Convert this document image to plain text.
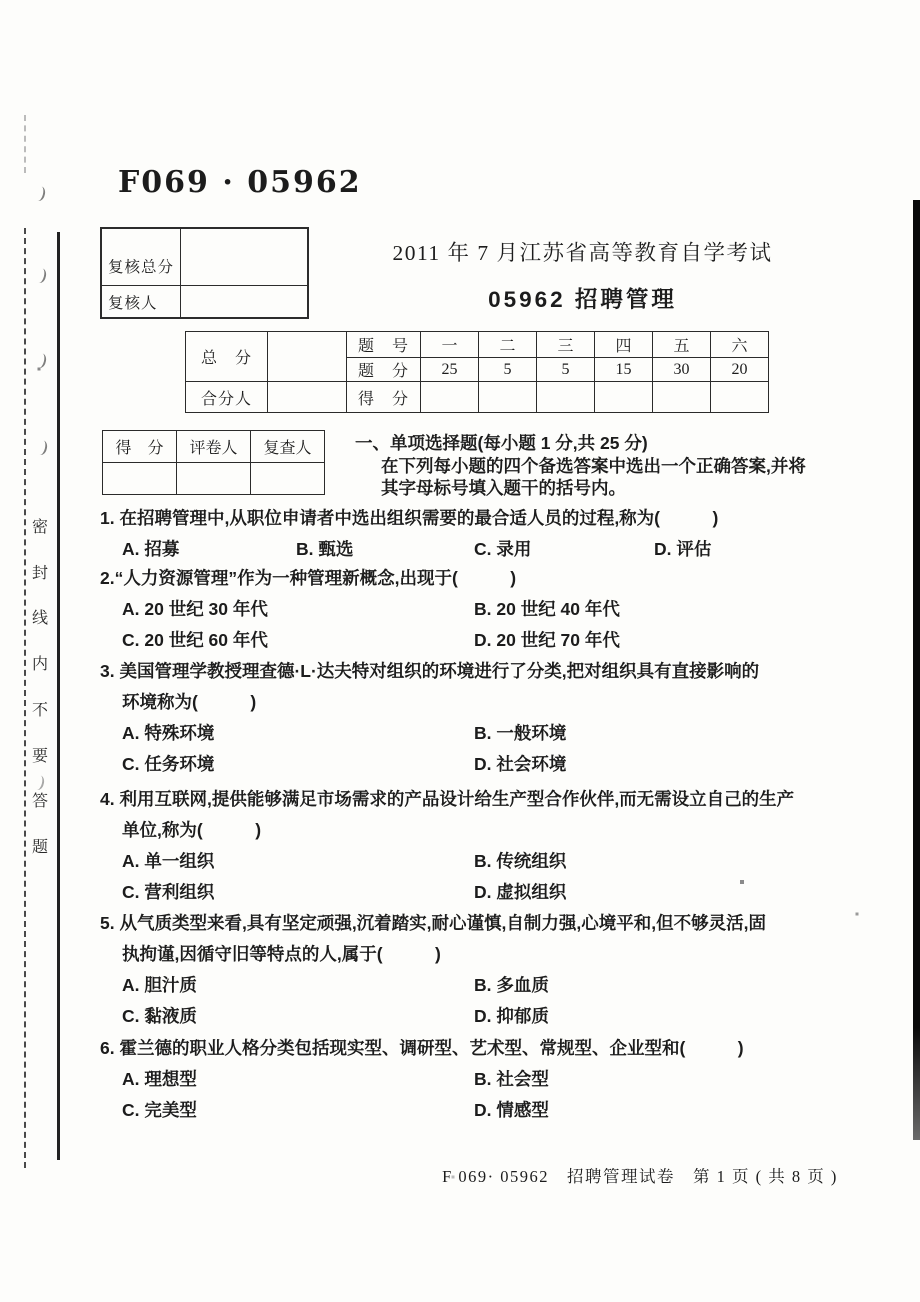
密
封
线
内
不
要
答
题
F069 · 05962
复核总分
复核人
2011 年 7 月江苏省高等教育自学考试
05962 招聘管理
总　分		题　号	一	二	三	四	五	六
		题　分	25	5	5	15	30	20
合分人		得　分						
得　分	评卷人	复查人
		一、单项选择题(每小题 1 分,共 25 分)
在下列每小题的四个备选答案中选出一个正确答案,并将
其字母标号填入题干的括号内。
1. 在招聘管理中,从职位申请者中选出组织需要的最合适人员的过程,称为(　　　)
A. 招募	B. 甄选	C. 录用	D. 评估
2.“人力资源管理”作为一种管理新概念,出现于(　　　)
A. 20 世纪 30 年代	B. 20 世纪 40 年代
C. 20 世纪 60 年代	D. 20 世纪 70 年代
3. 美国管理学教授理查德·L·达夫特对组织的环境进行了分类,把对组织具有直接影响的
环境称为(　　　)
A. 特殊环境	B. 一般环境
C. 任务环境	D. 社会环境
4. 利用互联网,提供能够满足市场需求的产品设计给生产型合作伙伴,而无需设立自己的生产
单位,称为(　　　)
A. 单一组织	B. 传统组织
C. 营利组织	D. 虚拟组织
5. 从气质类型来看,具有坚定顽强,沉着踏实,耐心谨慎,自制力强,心境平和,但不够灵活,固
执拘谨,因循守旧等特点的人,属于(　　　)
A. 胆汁质	B. 多血质
C. 黏液质	D. 抑郁质
6. 霍兰德的职业人格分类包括现实型、调研型、艺术型、常规型、企业型和(　　　)
A. 理想型	B. 社会型
C. 完美型	D. 情感型
F 069· 05962 招聘管理试卷 第 1 页 ( 共 8 页 )
